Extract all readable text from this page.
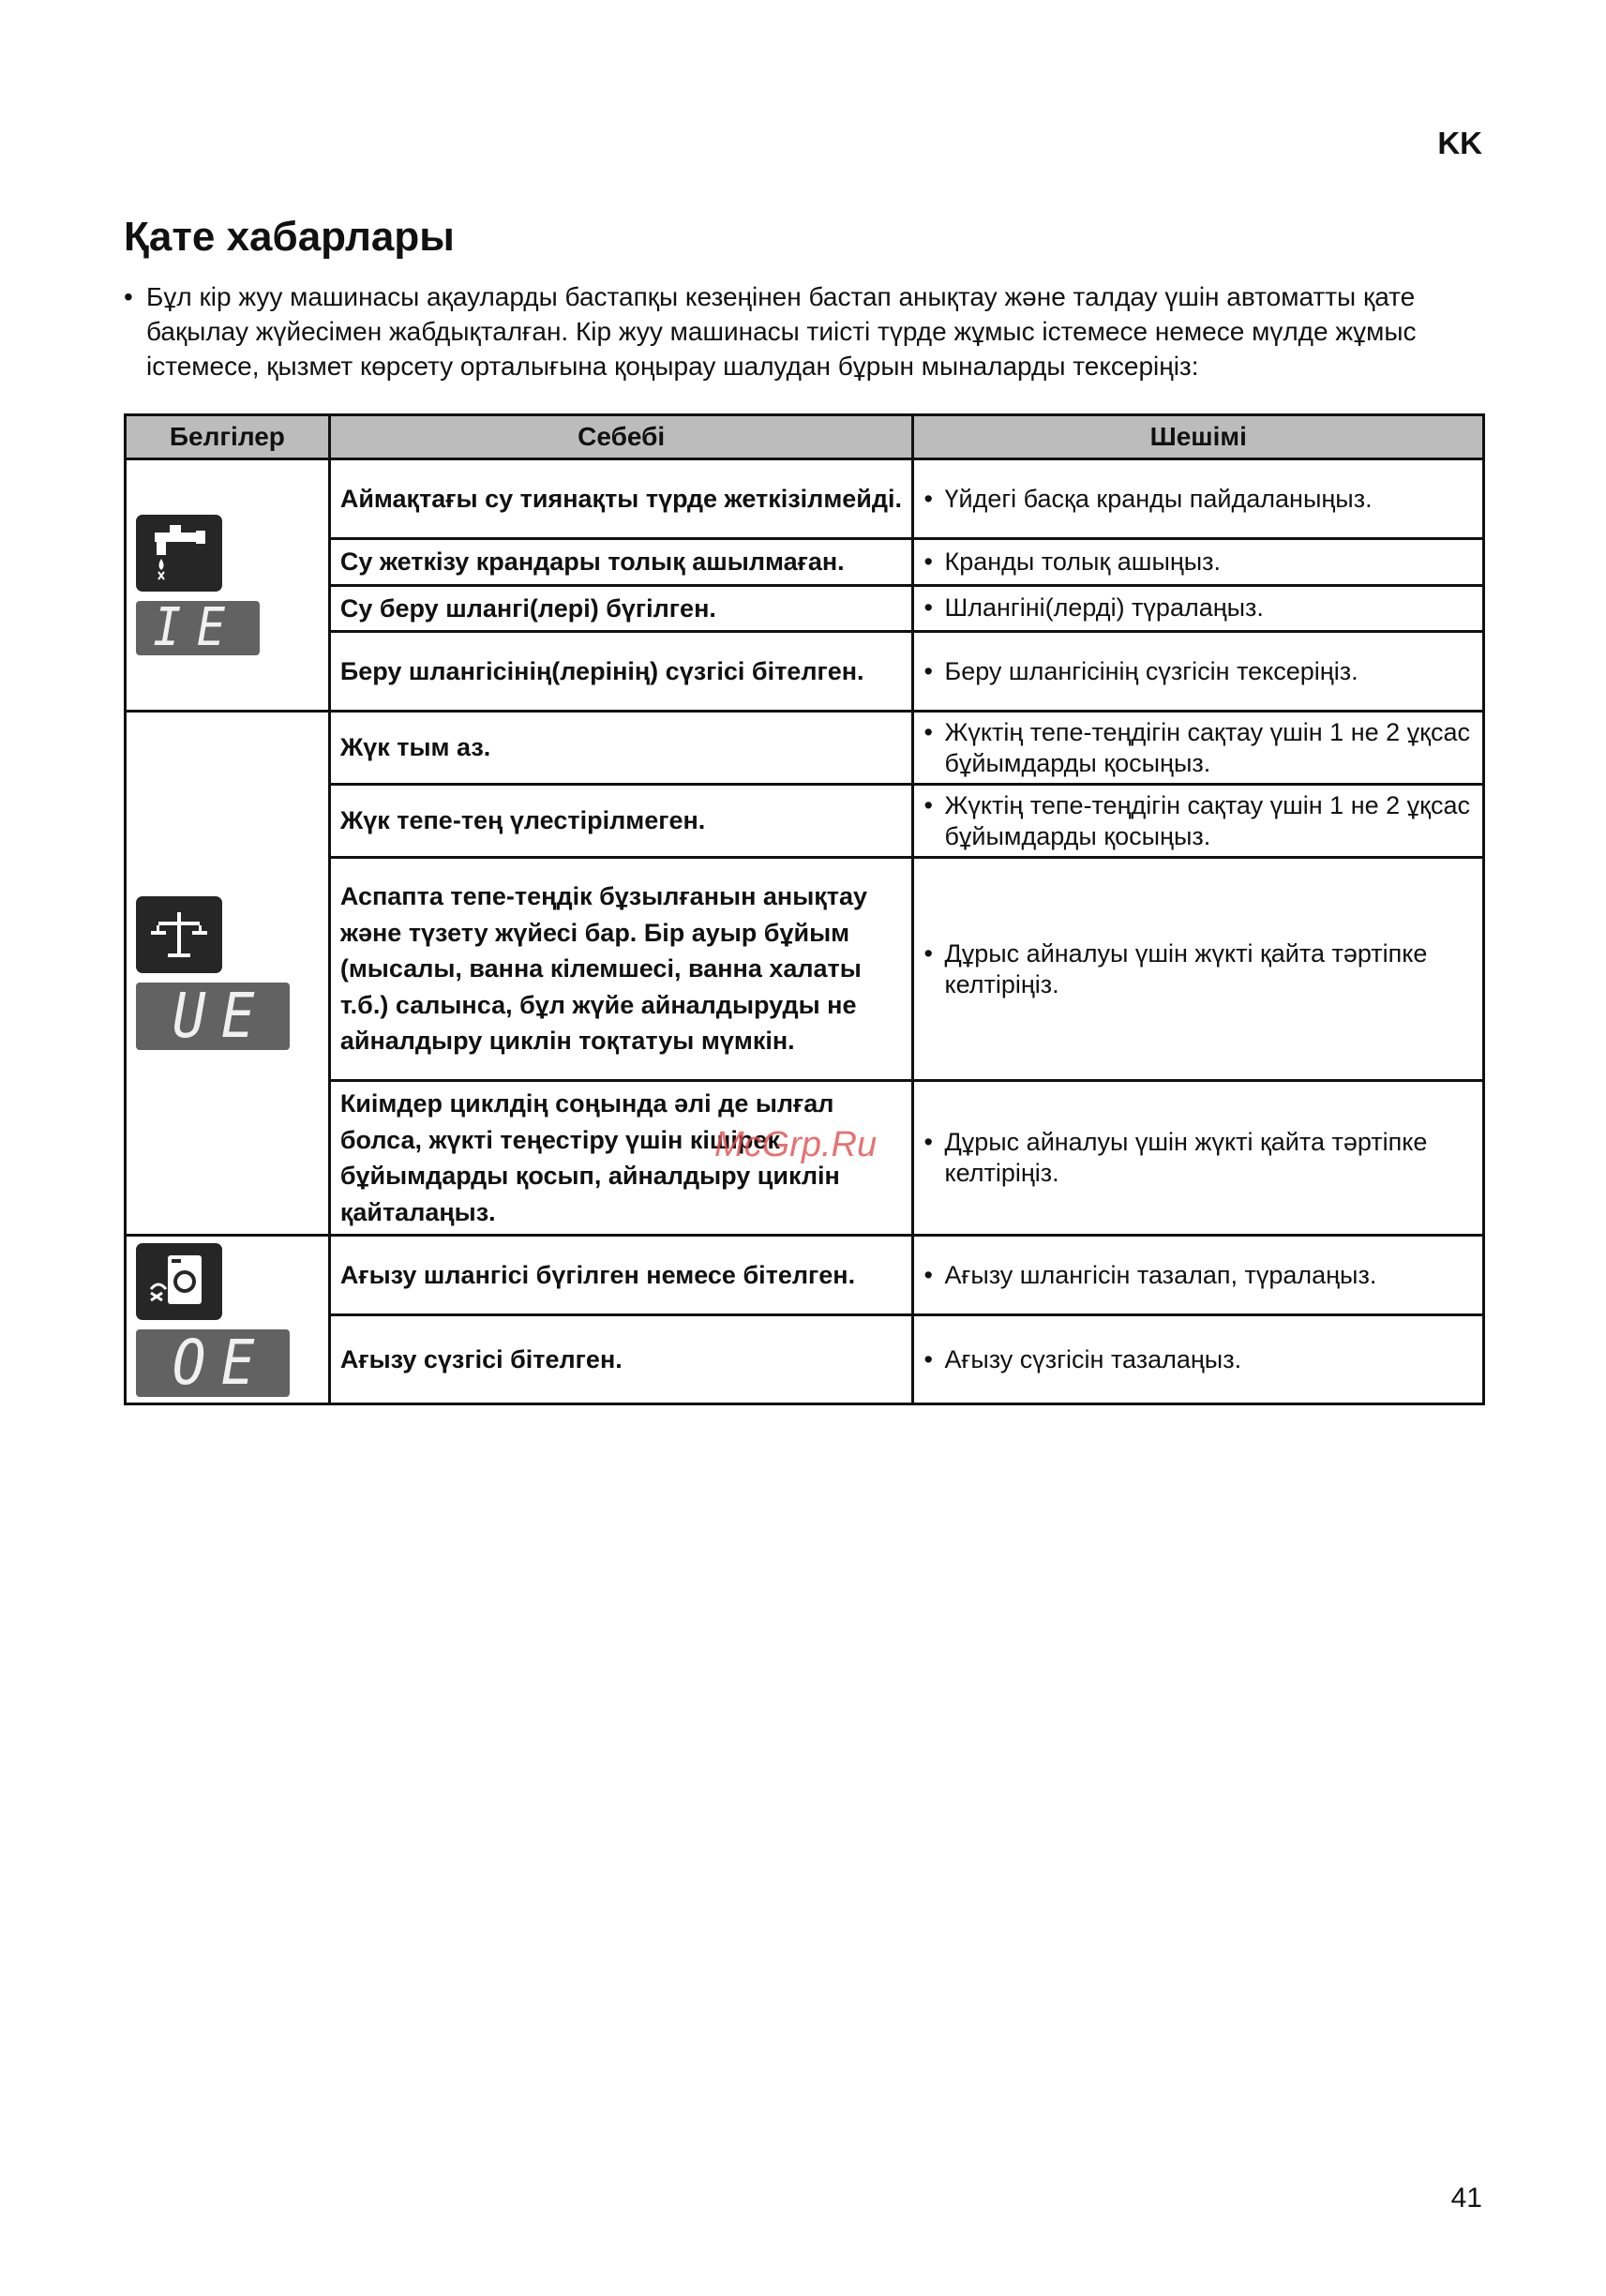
KK
Қате хабарлары
• Бұл кір жуу машинасы ақауларды бастапқы кезеңінен бастап анықтау және талдау үшін автоматты қате бақылау жүйесімен жабдықталған. Кір жуу машинасы тиісті түрде жұмыс істемесе немесе мүлде жұмыс істемесе, қызмет көрсету орталығына қоңырау шалудан бұрын мыналарды тексеріңіз:
Белгілер	Себебі	Шешімі

IE	Аймақтағы су тиянақты түрде жеткізілмейді.	• Үйдегі басқа кранды пайдаланыңыз.

	Су жеткізу крандары толық ашылмаған.	• Кранды толық ашыңыз.

	Су беру шлангі(лері) бүгілген.	• Шлангіні(лерді) түралаңыз.

	Беру шлангісінің(лерінің) сүзгісі бітелген.	• Беру шлангісінің сүзгісін тексеріңіз.

UE	Жүк тым аз.	• Жүктің тепе-теңдігін сақтау үшін 1 не 2 ұқсас бұйымдарды қосыңыз.

	Жүк тепе-тең үлестірілмеген.	• Жүктің тепе-теңдігін сақтау үшін 1 не 2 ұқсас бұйымдарды қосыңыз.

	Аспапта тепе-теңдік бұзылғанын анықтау және түзету жүйесі бар. Бір ауыр бұйым (мысалы, ванна кілемшесі, ванна халаты т.б.) салынса, бұл жүйе айналдыруды не айналдыру циклін тоқтатуы мүмкін.	• Дұрыс айналуы үшін жүкті қайта тәртіпке келтіріңіз.

	Киімдер циклдің соңында әлі де ылғал болса, жүкті теңестіру үшін кішірек бұйымдарды қосып, айналдыру циклін қайталаңыз.	• Дұрыс айналуы үшін жүкті қайта тәртіпке келтіріңіз.

OE	Ағызу шлангісі бүгілген немесе бітелген.	• Ағызу шлангісін тазалап, түралаңыз.

	Ағызу сүзгісі бітелген.	• Ағызу сүзгісін тазалаңыз.
McGrp.Ru
41
